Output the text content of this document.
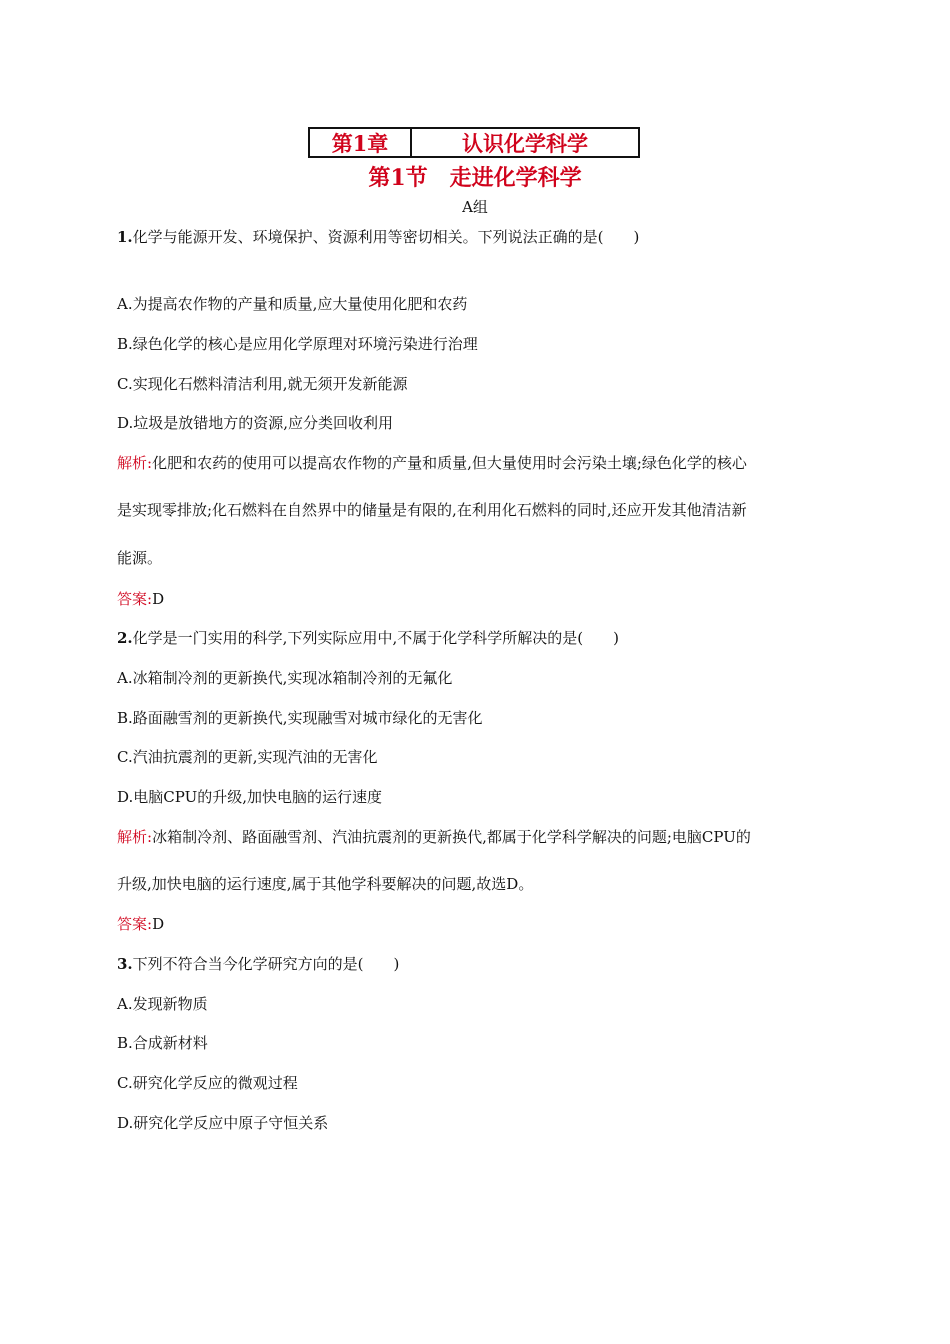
第1章	认识化学科学
第1节　走进化学科学
A组
1.化学与能源开发、环境保护、资源利用等密切相关。下列说法正确的是(　　)
A.为提高农作物的产量和质量,应大量使用化肥和农药
B.绿色化学的核心是应用化学原理对环境污染进行治理
C.实现化石燃料清洁利用,就无须开发新能源
D.垃圾是放错地方的资源,应分类回收利用
解析:化肥和农药的使用可以提高农作物的产量和质量,但大量使用时会污染土壤;绿色化学的核心
是实现零排放;化石燃料在自然界中的储量是有限的,在利用化石燃料的同时,还应开发其他清洁新
能源。
答案:D
2.化学是一门实用的科学,下列实际应用中,不属于化学科学所解决的是(　　)
A.冰箱制冷剂的更新换代,实现冰箱制冷剂的无氟化
B.路面融雪剂的更新换代,实现融雪对城市绿化的无害化
C.汽油抗震剂的更新,实现汽油的无害化
D.电脑CPU的升级,加快电脑的运行速度
解析:冰箱制冷剂、路面融雪剂、汽油抗震剂的更新换代,都属于化学科学解决的问题;电脑CPU的
升级,加快电脑的运行速度,属于其他学科要解决的问题,故选D。
答案:D
3.下列不符合当今化学研究方向的是(　　)
A.发现新物质
B.合成新材料
C.研究化学反应的微观过程
D.研究化学反应中原子守恒关系
